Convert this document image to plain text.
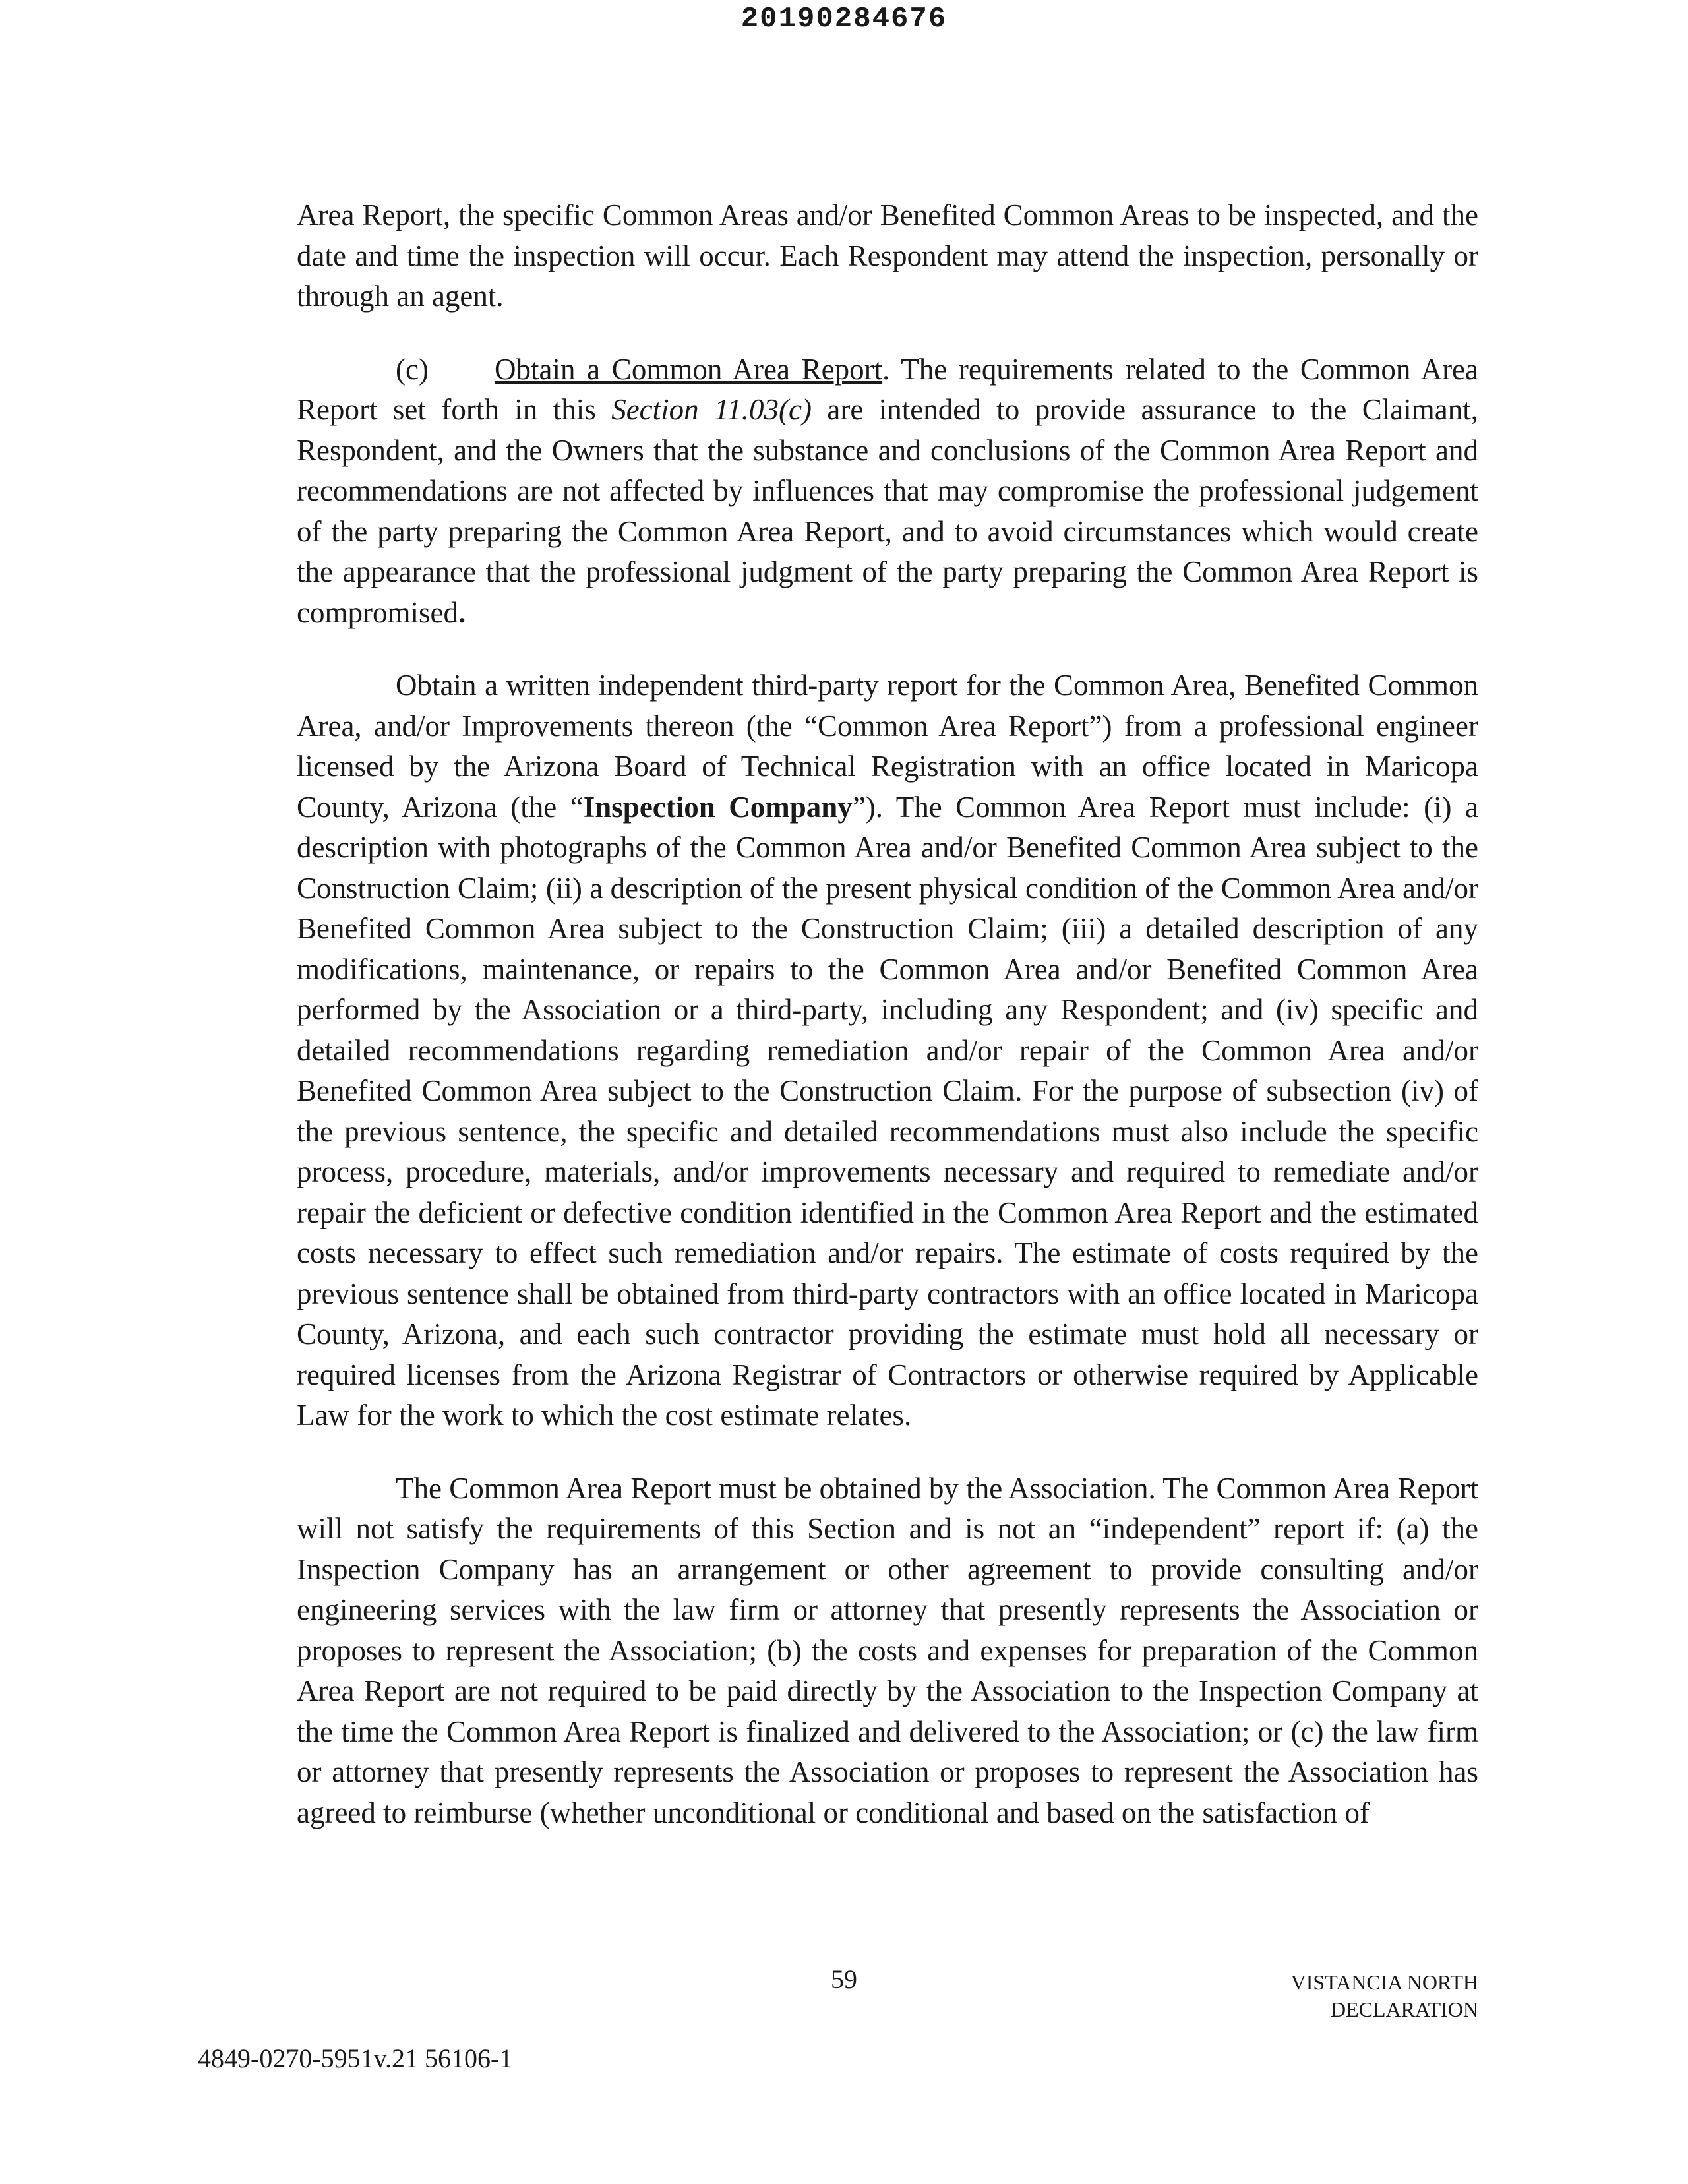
20190284676

Area Report, the specific Common Areas and/or Benefited Common Areas to be inspected, and the date and time the inspection will occur. Each Respondent may attend the inspection, personally or through an agent.

(c) Obtain a Common Area Report. The requirements related to the Common Area Report set forth in this Section 11.03(c) are intended to provide assurance to the Claimant, Respondent, and the Owners that the substance and conclusions of the Common Area Report and recommendations are not affected by influences that may compromise the professional judgement of the party preparing the Common Area Report, and to avoid circumstances which would create the appearance that the professional judgment of the party preparing the Common Area Report is compromised.

Obtain a written independent third-party report for the Common Area, Benefited Common Area, and/or Improvements thereon (the “Common Area Report”) from a professional engineer licensed by the Arizona Board of Technical Registration with an office located in Maricopa County, Arizona (the “Inspection Company”). The Common Area Report must include: (i) a description with photographs of the Common Area and/or Benefited Common Area subject to the Construction Claim; (ii) a description of the present physical condition of the Common Area and/or Benefited Common Area subject to the Construction Claim; (iii) a detailed description of any modifications, maintenance, or repairs to the Common Area and/or Benefited Common Area performed by the Association or a third-party, including any Respondent; and (iv) specific and detailed recommendations regarding remediation and/or repair of the Common Area and/or Benefited Common Area subject to the Construction Claim. For the purpose of subsection (iv) of the previous sentence, the specific and detailed recommendations must also include the specific process, procedure, materials, and/or improvements necessary and required to remediate and/or repair the deficient or defective condition identified in the Common Area Report and the estimated costs necessary to effect such remediation and/or repairs. The estimate of costs required by the previous sentence shall be obtained from third-party contractors with an office located in Maricopa County, Arizona, and each such contractor providing the estimate must hold all necessary or required licenses from the Arizona Registrar of Contractors or otherwise required by Applicable Law for the work to which the cost estimate relates.

The Common Area Report must be obtained by the Association. The Common Area Report will not satisfy the requirements of this Section and is not an “independent” report if: (a) the Inspection Company has an arrangement or other agreement to provide consulting and/or engineering services with the law firm or attorney that presently represents the Association or proposes to represent the Association; (b) the costs and expenses for preparation of the Common Area Report are not required to be paid directly by the Association to the Inspection Company at the time the Common Area Report is finalized and delivered to the Association; or (c) the law firm or attorney that presently represents the Association or proposes to represent the Association has agreed to reimburse (whether unconditional or conditional and based on the satisfaction of

59	VISTANCIA NORTH
DECLARATION
4849-0270-5951v.21 56106-1
